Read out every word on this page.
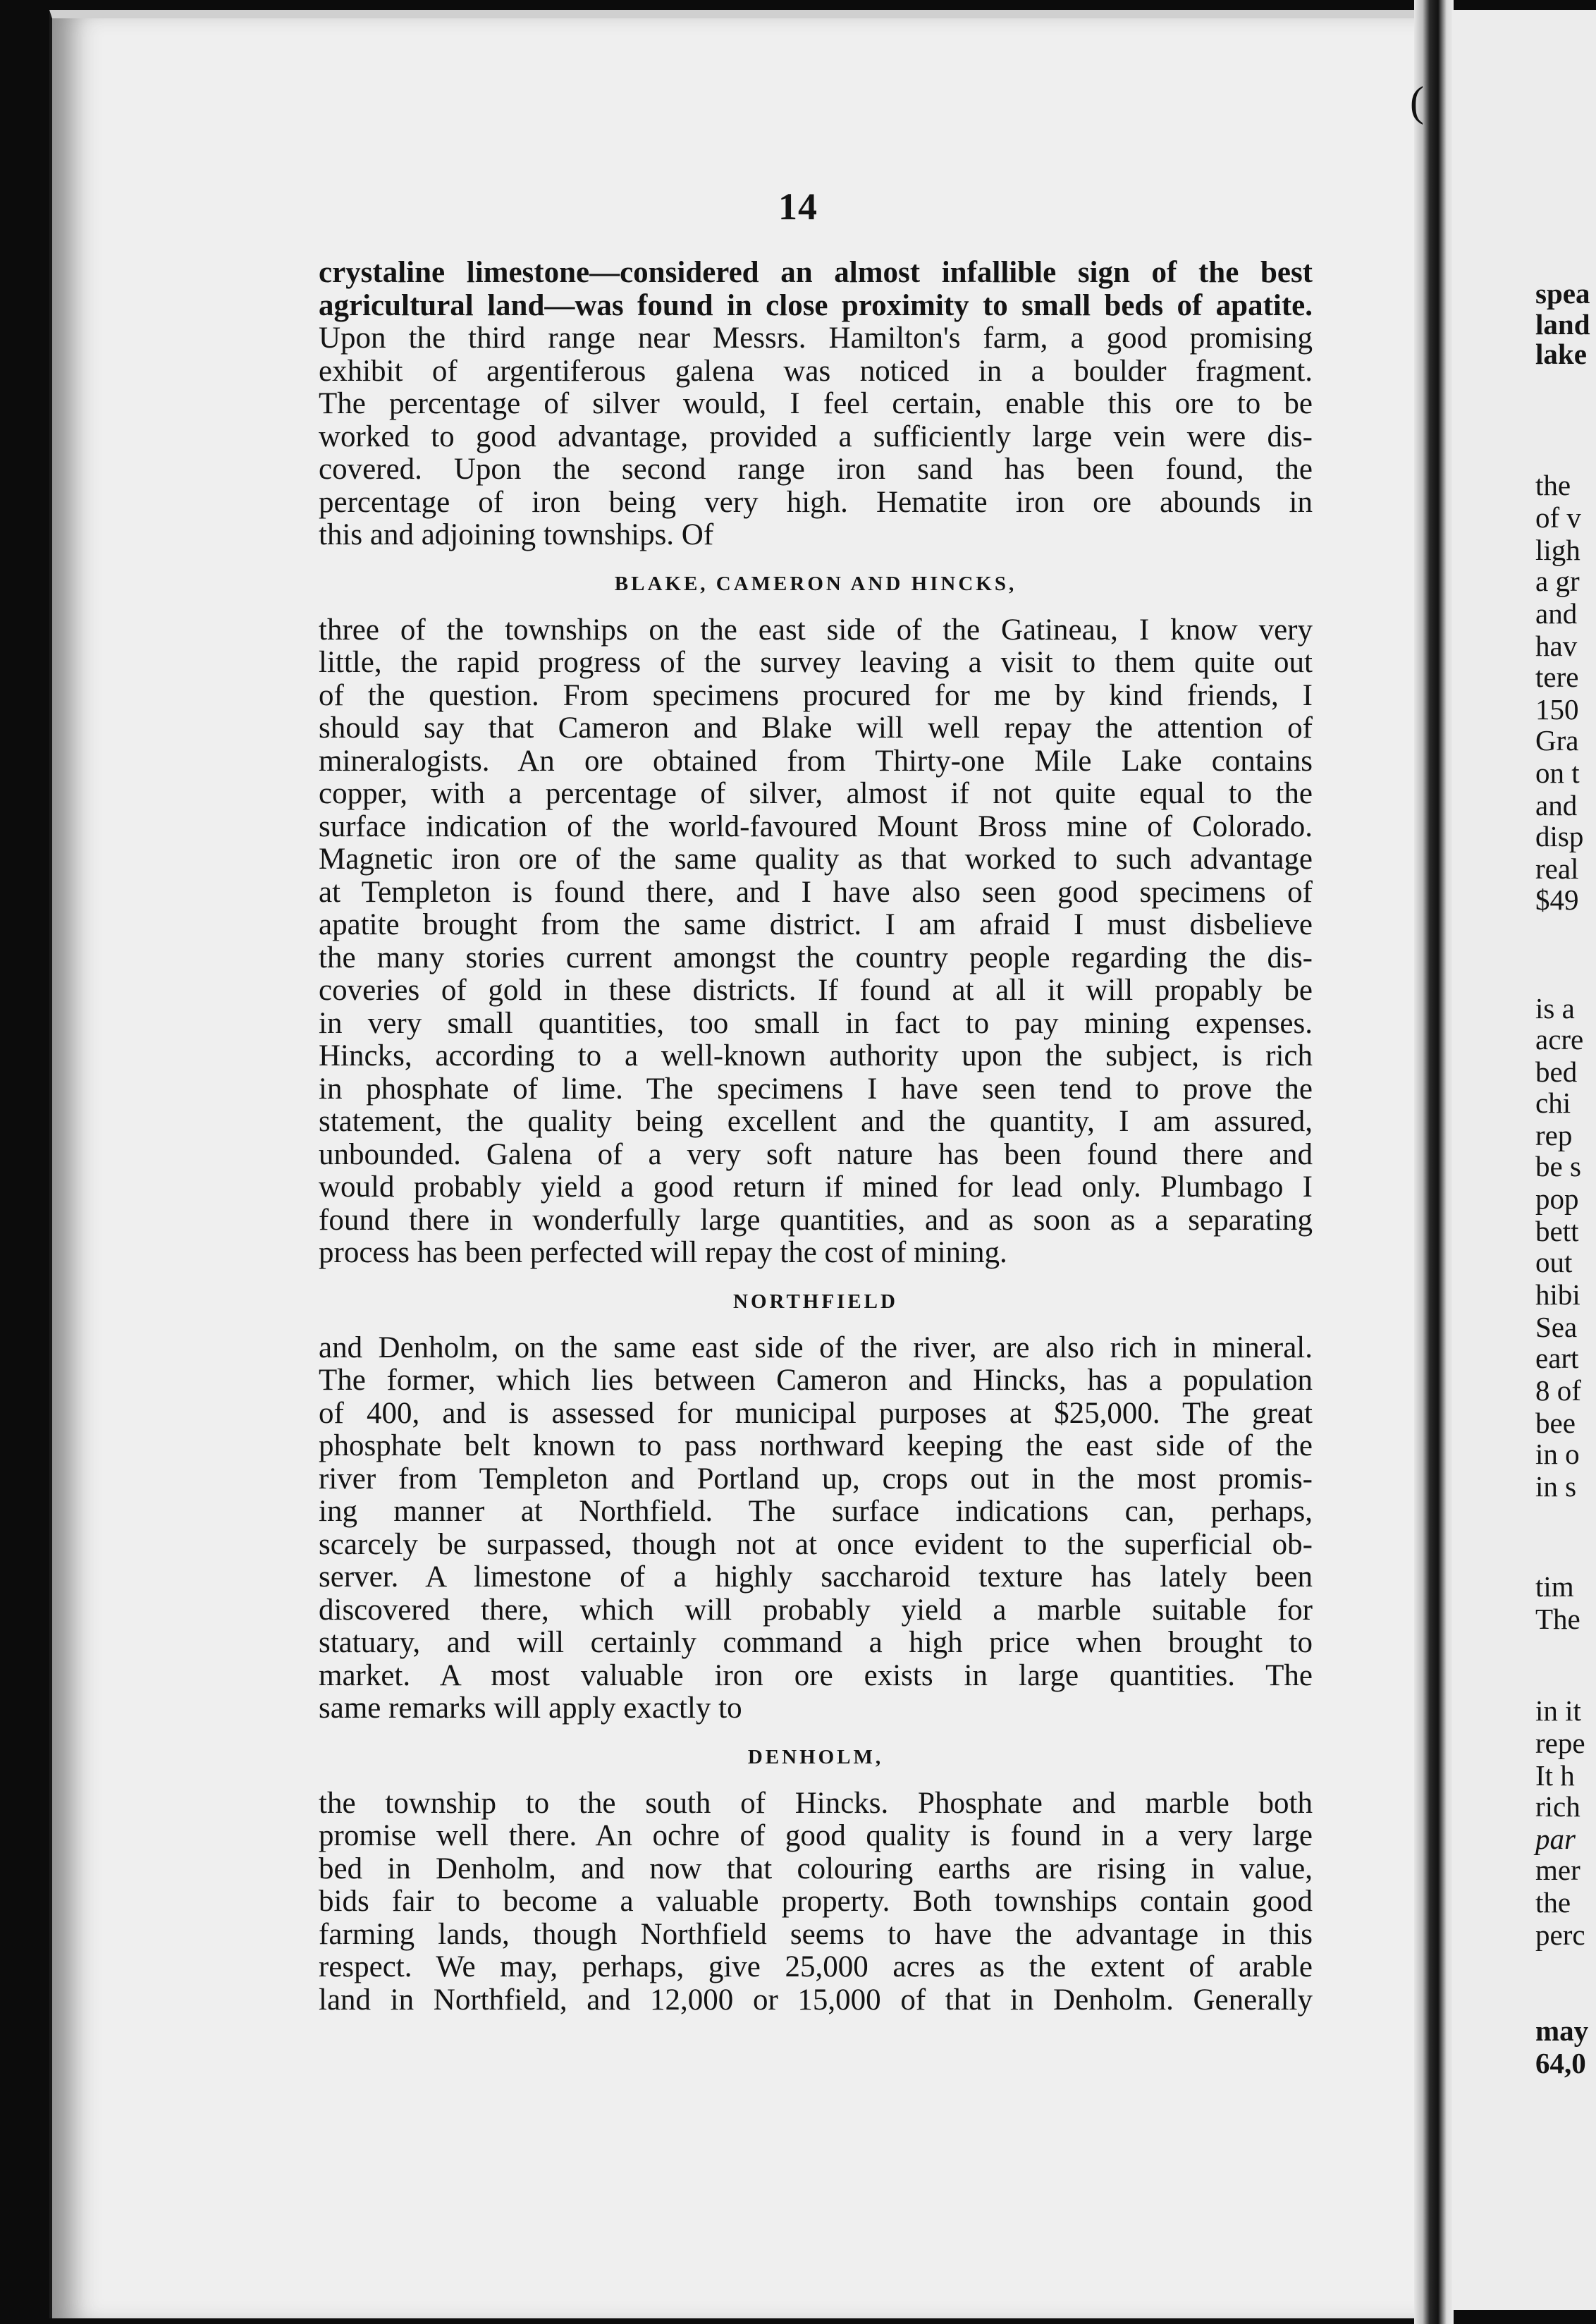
(
spea
land
lake
the
of v
ligh
a gr
and
hav
tere
150
Gra
on t
and
disp
real
$49
is a
acre
bed
chi
rep
be s
pop
bett
out
hibi
Sea
eart
8 of
bee
in o
in s
tim
The
in it
repe
It h
rich
par
mer
the
perc
may
64,0
14
crystaline limestone—considered an almost infallible sign of the best
agricultural land—was found in close proximity to small beds of apatite.
Upon the third range near Messrs. Hamilton's farm, a good promising
exhibit of argentiferous galena was noticed in a boulder fragment.
The percentage of silver would, I feel certain, enable this ore to be
worked to good advantage, provided a sufficiently large vein were dis-
covered. Upon the second range iron sand has been found, the
percentage of iron being very high. Hematite iron ore abounds in
this and adjoining townships. Of
BLAKE, CAMERON AND HINCKS,
three of the townships on the east side of the Gatineau, I know very
little, the rapid progress of the survey leaving a visit to them quite out
of the question. From specimens procured for me by kind friends, I
should say that Cameron and Blake will well repay the attention of
mineralogists. An ore obtained from Thirty-one Mile Lake contains
copper, with a percentage of silver, almost if not quite equal to the
surface indication of the world-favoured Mount Bross mine of Colorado.
Magnetic iron ore of the same quality as that worked to such advantage
at Templeton is found there, and I have also seen good specimens of
apatite brought from the same district. I am afraid I must disbelieve
the many stories current amongst the country people regarding the dis-
coveries of gold in these districts. If found at all it will propably be
in very small quantities, too small in fact to pay mining expenses.
Hincks, according to a well-known authority upon the subject, is rich
in phosphate of lime. The specimens I have seen tend to prove the
statement, the quality being excellent and the quantity, I am assured,
unbounded. Galena of a very soft nature has been found there and
would probably yield a good return if mined for lead only. Plumbago I
found there in wonderfully large quantities, and as soon as a separating
process has been perfected will repay the cost of mining.
NORTHFIELD
and Denholm, on the same east side of the river, are also rich in mineral.
The former, which lies between Cameron and Hincks, has a population
of 400, and is assessed for municipal purposes at $25,000. The great
phosphate belt known to pass northward keeping the east side of the
river from Templeton and Portland up, crops out in the most promis-
ing manner at Northfield. The surface indications can, perhaps,
scarcely be surpassed, though not at once evident to the superficial ob-
server. A limestone of a highly saccharoid texture has lately been
discovered there, which will probably yield a marble suitable for
statuary, and will certainly command a high price when brought to
market. A most valuable iron ore exists in large quantities. The
same remarks will apply exactly to
DENHOLM,
the township to the south of Hincks. Phosphate and marble both
promise well there. An ochre of good quality is found in a very large
bed in Denholm, and now that colouring earths are rising in value,
bids fair to become a valuable property. Both townships contain good
farming lands, though Northfield seems to have the advantage in this
respect. We may, perhaps, give 25,000 acres as the extent of arable
land in Northfield, and 12,000 or 15,000 of that in Denholm. Generally
